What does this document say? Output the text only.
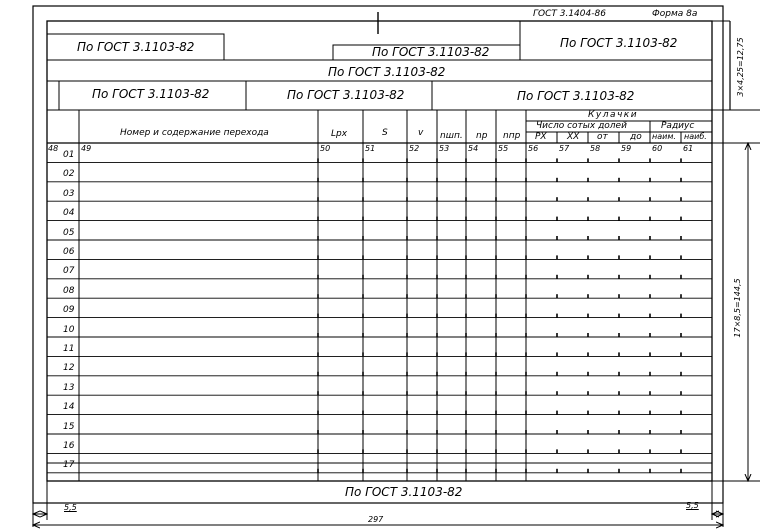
ГОСТ 3.1404-86	Форма 8а
По ГОСТ 3.1103-82	По ГОСТ 3.1103-82
По ГОСТ 3.1103-82
По ГОСТ 3.1103-82
По ГОСТ 3.1103-82	По ГОСТ 3.1103-82	По ГОСТ 3.1103-82
По ГОСТ 3.1103-82
Номер и содержание перехода	Lрх	S	v nшп. nр nпр
Кулачки
Число сотых долей	Радиус
РХ ХХ от до наим. наиб.
48	49	50	51	52 53 54 55 56	57	58	59	60	61
01
02
03
04
05
06
07
08
09
10
11
12
13
14
15
16
17
3×4,25=12,75
17×8,5=144,5
5,5	5,5
297
